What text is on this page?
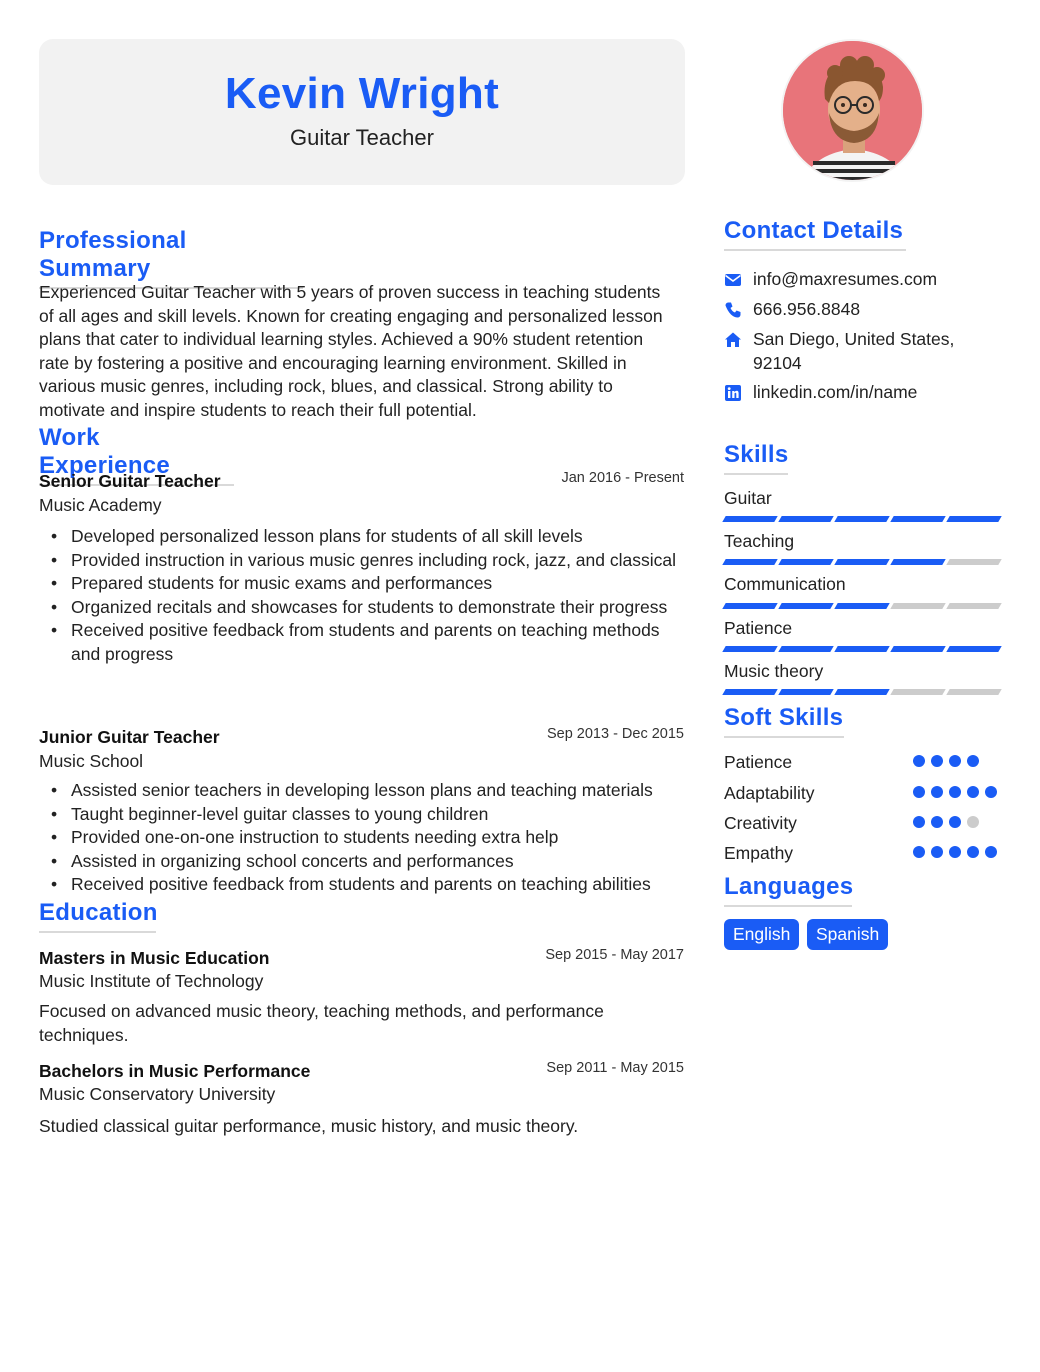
Kevin Wright
Guitar Teacher
Professional Summary
Experienced Guitar Teacher with 5 years of proven success in teaching students
of all ages and skill levels. Known for creating engaging and personalized lesson
plans that cater to individual learning styles. Achieved a 90% student retention
rate by fostering a positive and encouraging learning environment. Skilled in
various music genres, including rock, blues, and classical. Strong ability to
motivate and inspire students to reach their full potential.
Work Experience
Senior Guitar Teacher	Jan 2016 - Present
Music Academy
• Developed personalized lesson plans for students of all skill levels
• Provided instruction in various music genres including rock, jazz, and classical
• Prepared students for music exams and performances
• Organized recitals and showcases for students to demonstrate their progress
• Received positive feedback from students and parents on teaching methods and progress
Junior Guitar Teacher	Sep 2013 - Dec 2015
Music School
• Assisted senior teachers in developing lesson plans and teaching materials
• Taught beginner-level guitar classes to young children
• Provided one-on-one instruction to students needing extra help
• Assisted in organizing school concerts and performances
• Received positive feedback from students and parents on teaching abilities
Education
Masters in Music Education	Sep 2015 - May 2017
Music Institute of Technology
Focused on advanced music theory, teaching methods, and performance techniques.
Bachelors in Music Performance	Sep 2011 - May 2015
Music Conservatory University
Studied classical guitar performance, music history, and music theory.
Contact Details
info@maxresumes.com
666.956.8848
San Diego, United States,
92104
linkedin.com/in/name
Skills
Guitar
Teaching
Communication
Patience
Music theory
Soft Skills
Patience
Adaptability
Creativity
Empathy
Languages
English	Spanish
